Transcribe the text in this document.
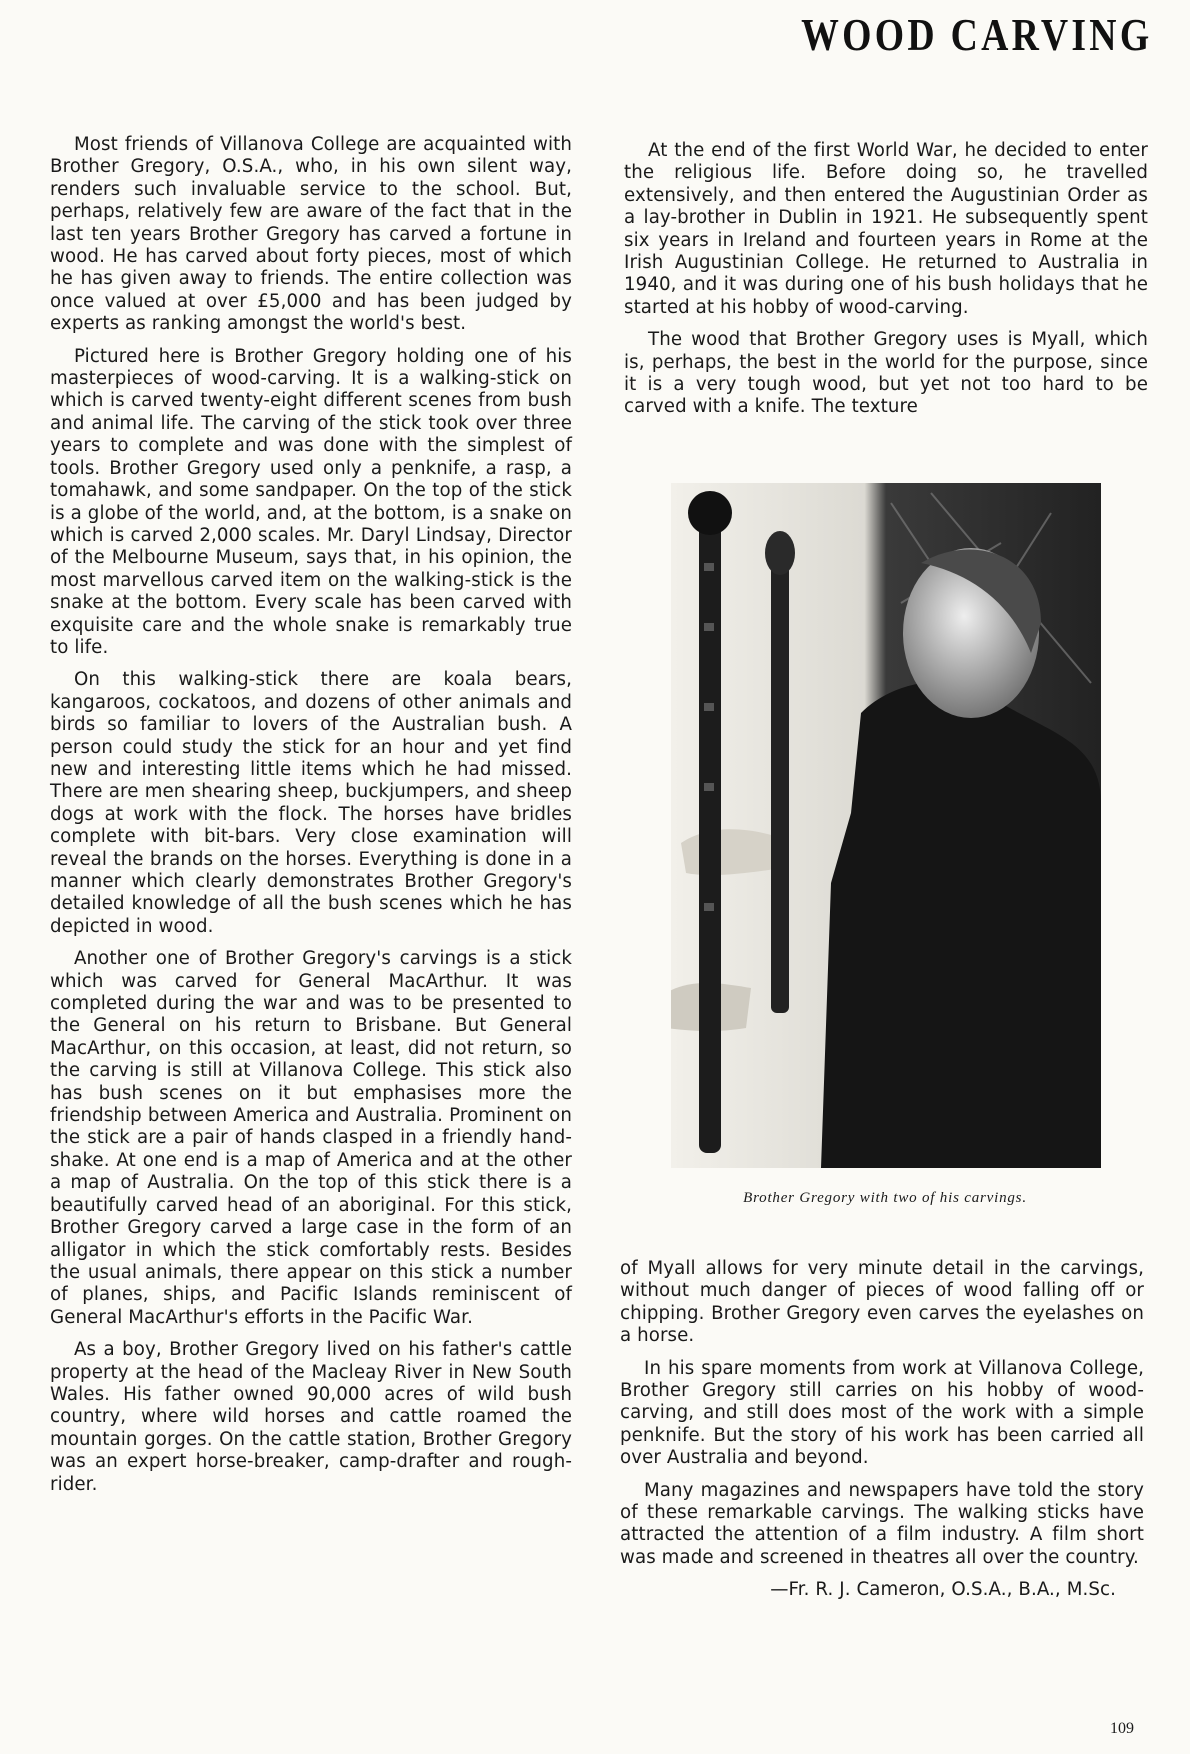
WOOD CARVING

Most friends of Villanova College are acquainted with Brother Gregory, O.S.A., who, in his own silent way, renders such invaluable service to the school. But, perhaps, relatively few are aware of the fact that in the last ten years Brother Gregory has carved a fortune in wood. He has carved about forty pieces, most of which he has given away to friends. The entire collection was once valued at over £5,000 and has been judged by experts as ranking amongst the world's best.

Pictured here is Brother Gregory holding one of his masterpieces of wood-carving. It is a walking-stick on which is carved twenty-eight different scenes from bush and animal life. The carving of the stick took over three years to complete and was done with the simplest of tools. Brother Gregory used only a penknife, a rasp, a tomahawk, and some sandpaper. On the top of the stick is a globe of the world, and, at the bottom, is a snake on which is carved 2,000 scales. Mr. Daryl Lindsay, Director of the Melbourne Museum, says that, in his opinion, the most marvellous carved item on the walking-stick is the snake at the bottom. Every scale has been carved with exquisite care and the whole snake is remarkably true to life.

On this walking-stick there are koala bears, kangaroos, cockatoos, and dozens of other animals and birds so familiar to lovers of the Australian bush. A person could study the stick for an hour and yet find new and interesting little items which he had missed. There are men shearing sheep, buckjumpers, and sheep dogs at work with the flock. The horses have bridles complete with bit-bars. Very close examination will reveal the brands on the horses. Everything is done in a manner which clearly demonstrates Brother Gregory's detailed knowledge of all the bush scenes which he has depicted in wood.

Another one of Brother Gregory's carvings is a stick which was carved for General MacArthur. It was completed during the war and was to be presented to the General on his return to Brisbane. But General MacArthur, on this occasion, at least, did not return, so the carving is still at Villanova College. This stick also has bush scenes on it but emphasises more the friendship between America and Australia. Prominent on the stick are a pair of hands clasped in a friendly hand-shake. At one end is a map of America and at the other a map of Australia. On the top of this stick there is a beautifully carved head of an aboriginal. For this stick, Brother Gregory carved a large case in the form of an alligator in which the stick comfortably rests. Besides the usual animals, there appear on this stick a number of planes, ships, and Pacific Islands reminiscent of General MacArthur's efforts in the Pacific War.

As a boy, Brother Gregory lived on his father's cattle property at the head of the Macleay River in New South Wales. His father owned 90,000 acres of wild bush country, where wild horses and cattle roamed the mountain gorges. On the cattle station, Brother Gregory was an expert horse-breaker, camp-drafter and rough-rider.

At the end of the first World War, he decided to enter the religious life. Before doing so, he travelled extensively, and then entered the Augustinian Order as a lay-brother in Dublin in 1921. He subsequently spent six years in Ireland and fourteen years in Rome at the Irish Augustinian College. He returned to Australia in 1940, and it was during one of his bush holidays that he started at his hobby of wood-carving.

The wood that Brother Gregory uses is Myall, which is, perhaps, the best in the world for the purpose, since it is a very tough wood, but yet not too hard to be carved with a knife. The texture

Brother Gregory with two of his carvings.

of Myall allows for very minute detail in the carvings, without much danger of pieces of wood falling off or chipping. Brother Gregory even carves the eyelashes on a horse.

In his spare moments from work at Villanova College, Brother Gregory still carries on his hobby of wood-carving, and still does most of the work with a simple penknife. But the story of his work has been carried all over Australia and beyond.

Many magazines and newspapers have told the story of these remarkable carvings. The walking sticks have attracted the attention of a film industry. A film short was made and screened in theatres all over the country.

—Fr. R. J. Cameron, O.S.A., B.A., M.Sc.
109
